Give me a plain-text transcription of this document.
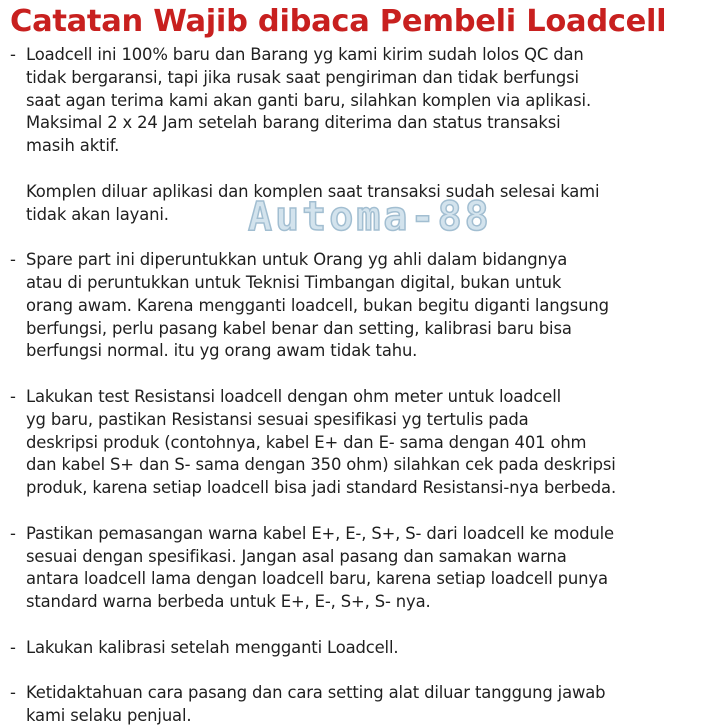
Catatan Wajib dibaca Pembeli Loadcell
- Loadcell ini 100% baru dan Barang yg kami kirim sudah lolos QC dan
tidak bergaransi, tapi jika rusak saat pengiriman dan tidak berfungsi
saat agan terima kami akan ganti baru, silahkan komplen via aplikasi.
Maksimal 2 x 24 Jam setelah barang diterima dan status transaksi
masih aktif.
Komplen diluar aplikasi dan komplen saat transaksi sudah selesai kami
tidak akan layani.
- Spare part ini diperuntukkan untuk Orang yg ahli dalam bidangnya
atau di peruntukkan untuk Teknisi Timbangan digital, bukan untuk
orang awam. Karena mengganti loadcell, bukan begitu diganti langsung
berfungsi, perlu pasang kabel benar dan setting, kalibrasi baru bisa
berfungsi normal. itu yg orang awam tidak tahu.
- Lakukan test Resistansi loadcell dengan ohm meter untuk loadcell
yg baru, pastikan Resistansi sesuai spesifikasi yg tertulis pada
deskripsi produk (contohnya, kabel E+ dan E- sama dengan 401 ohm
dan kabel S+ dan S- sama dengan 350 ohm) silahkan cek pada deskripsi
produk, karena setiap loadcell bisa jadi standard Resistansi-nya berbeda.
- Pastikan pemasangan warna kabel E+, E-, S+, S- dari loadcell ke module
sesuai dengan spesifikasi. Jangan asal pasang dan samakan warna
antara loadcell lama dengan loadcell baru, karena setiap loadcell punya
standard warna berbeda untuk E+, E-, S+, S- nya.
- Lakukan kalibrasi setelah mengganti Loadcell.
- Ketidaktahuan cara pasang dan cara setting alat diluar tanggung jawab
kami selaku penjual.
Automa-88
